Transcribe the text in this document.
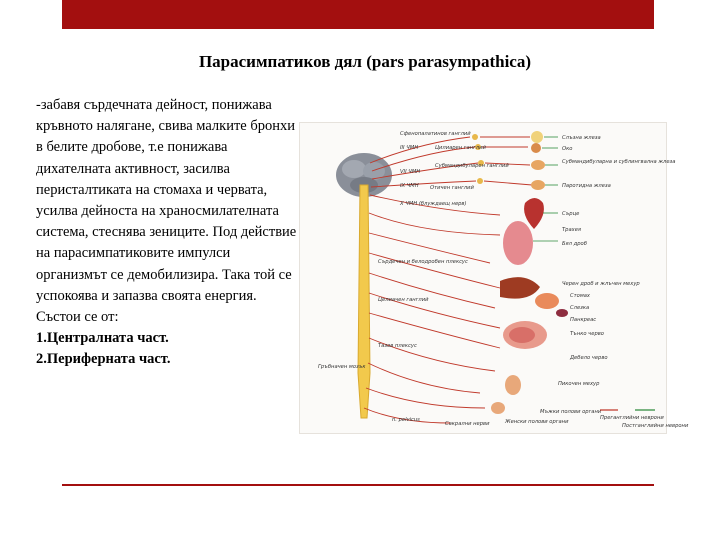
Парасимпатиков дял (pars parasympathica)

-забавя сърдечната дейност, понижава кръвното налягане, свива малките бронхи в белите дробове, т.е понижава дихателната активност, засилва перисталтиката на стомаха и червата, усилва дейноста на храносмилателната система, стеснява зениците. Под действие на парасимпатиковите импулси организмът се демобилизира. Така той се успокоява и запазва своята енергия. Състои се от:

1.Централната част.

2.Периферната част.

Сфенопалатинов ганглий
III ЧМН	Цилиарен ганглий
Субмандибуларен ганглий
VII ЧМН
IX ЧМН Отичен ганглий
X ЧМН (блуждаещ нерв)
Сърдечен и белодробен плексус
Целиачен ганглий
Тазов плексус
Гръбначен мозък
n. pelvicus
Сакрални нерви
Слъзна жлеза
Око
Субмандибуларна и сублингвална жлеза
Паротидна жлеза
Сърце
Трахея
Бял дроб
Черен дроб и жлъчен мехур
Стомах
Слезка
Панкреас
Тънко черво
Дебело черво
Пикочен мехур
Мъжки полови органи
Женски полови органи
Преганглийни неврони
Постганглийни неврони
